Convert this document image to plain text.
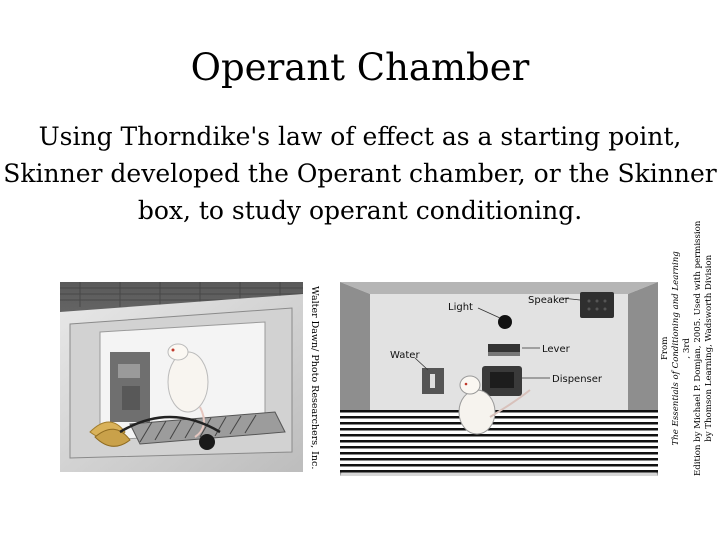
Operant Chamber
Using Thorndike's law of effect as a starting point,
Skinner developed the Operant chamber, or the Skinner
box, to study operant conditioning.
Walter Dawn/ Photo Researchers, Inc.	Light
Speaker
Lever
Water
Dispenser
From The Essentials of Conditioning and Learning , 3rd Edition by Michael P. Domjan, 2005. Used with permission by Thomson Learning, Wadsworth Division
